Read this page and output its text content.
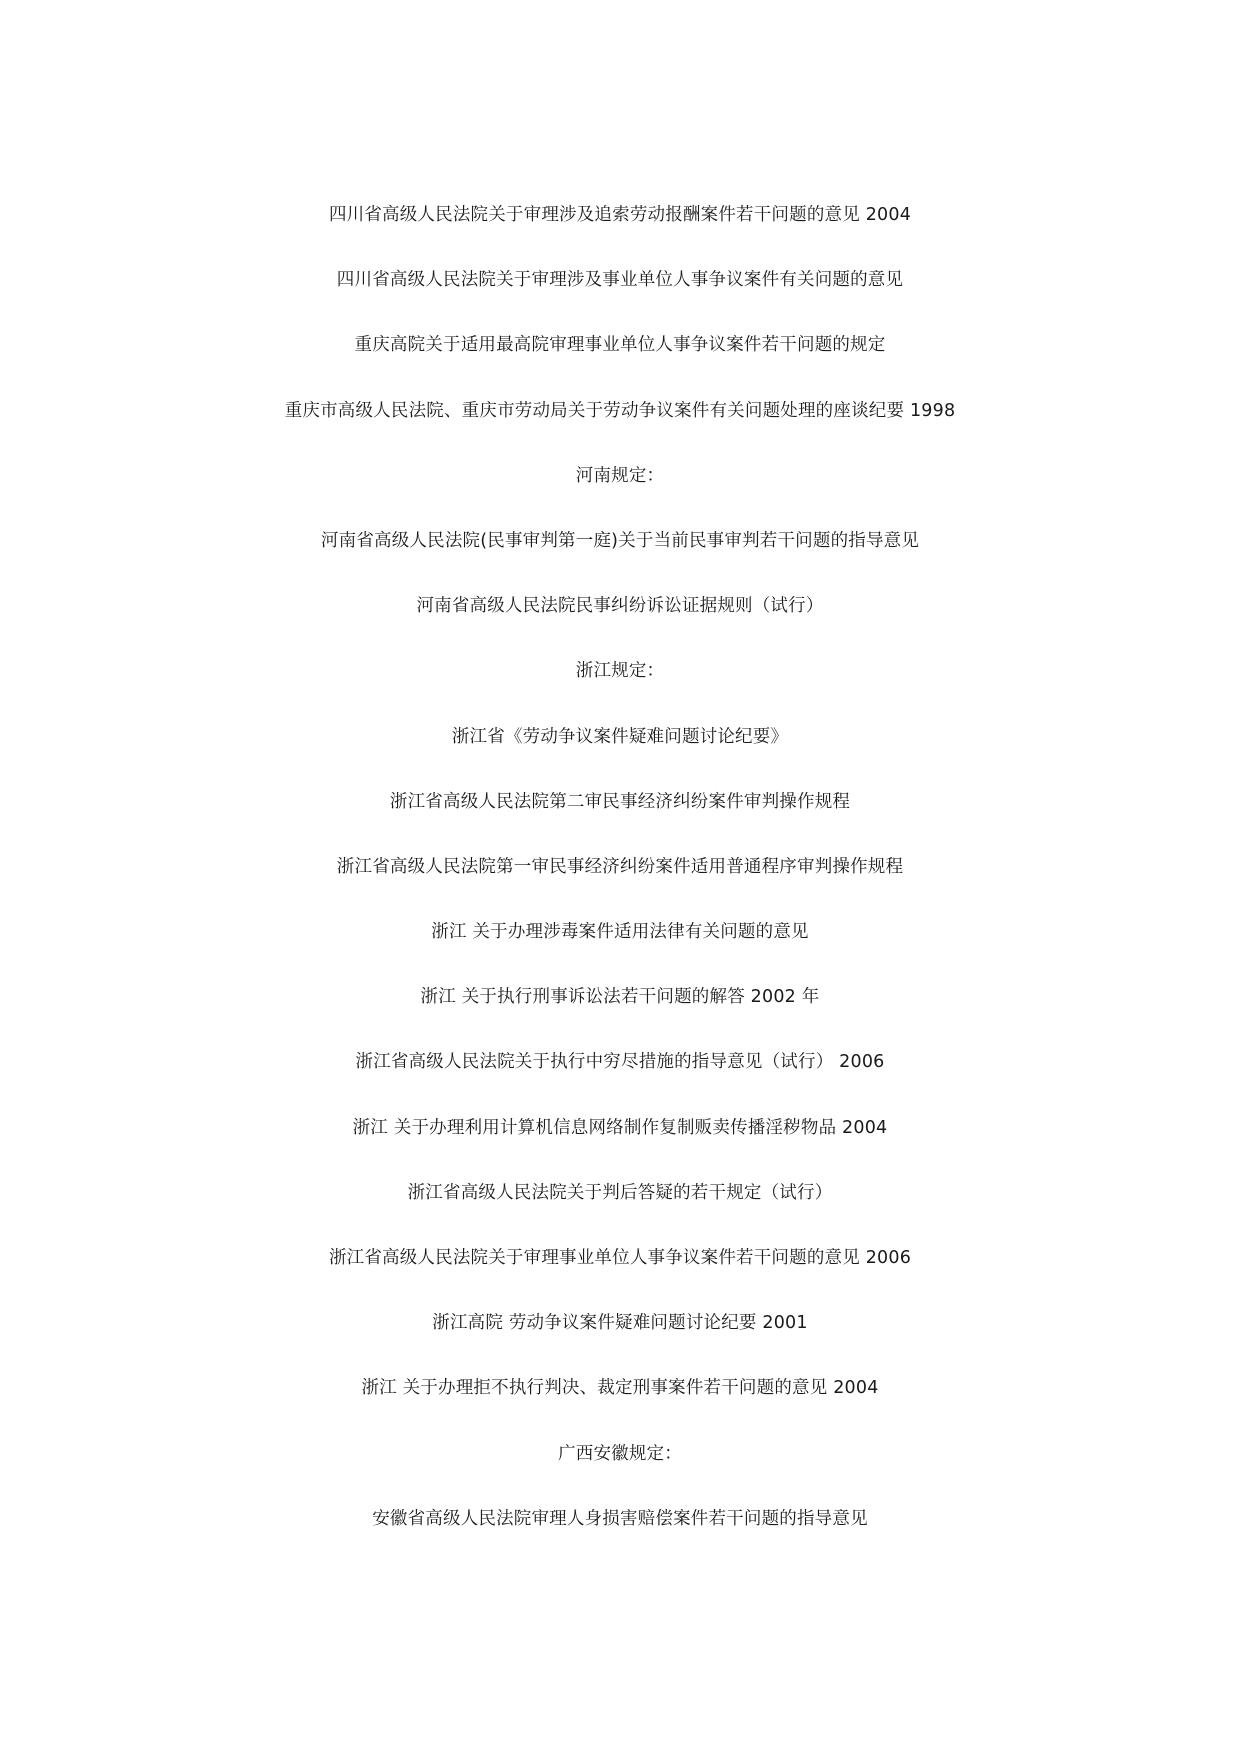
四川省高级人民法院关于审理涉及追索劳动报酬案件若干问题的意见 2004
四川省高级人民法院关于审理涉及事业单位人事争议案件有关问题的意见
重庆高院关于适用最高院审理事业单位人事争议案件若干问题的规定
重庆市高级人民法院、重庆市劳动局关于劳动争议案件有关问题处理的座谈纪要 1998
河南规定：
河南省高级人民法院(民事审判第一庭)关于当前民事审判若干问题的指导意见
河南省高级人民法院民事纠纷诉讼证据规则（试行）
浙江规定：
浙江省《劳动争议案件疑难问题讨论纪要》
浙江省高级人民法院第二审民事经济纠纷案件审判操作规程
浙江省高级人民法院第一审民事经济纠纷案件适用普通程序审判操作规程
浙江 关于办理涉毒案件适用法律有关问题的意见
浙江 关于执行刑事诉讼法若干问题的解答 2002 年
浙江省高级人民法院关于执行中穷尽措施的指导意见（试行） 2006
浙江 关于办理利用计算机信息网络制作复制贩卖传播淫秽物品 2004
浙江省高级人民法院关于判后答疑的若干规定（试行）
浙江省高级人民法院关于审理事业单位人事争议案件若干问题的意见 2006
浙江高院 劳动争议案件疑难问题讨论纪要 2001
浙江 关于办理拒不执行判决、裁定刑事案件若干问题的意见 2004
广西安徽规定：
安徽省高级人民法院审理人身损害赔偿案件若干问题的指导意见
